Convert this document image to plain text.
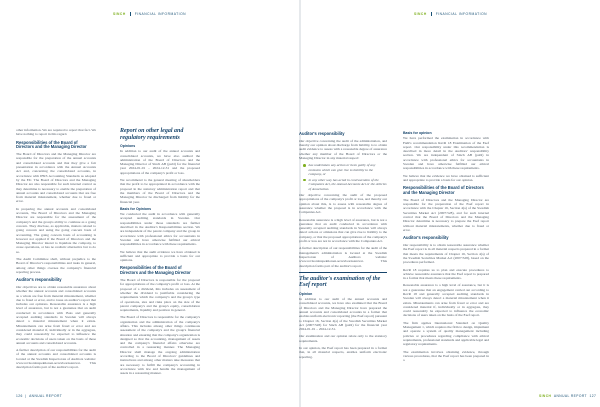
SINCH	FINANCIAL INFORMATION

other information. We are required to report that fact. We have nothing to report in this regard.

Responsibilities of the Board of Directors and the Managing Director

The Board of Directors and the Managing Director are responsible for the preparation of the annual accounts and consolidated accounts and that they give a fair presentation in accordance with the Annual Accounts Act and, concerning the consolidated accounts, in accordance with IFRS Accounting Standards as adopted by the EU. The Board of Directors and the Managing Director are also responsible for such internal control as they determine is necessary to enable the preparation of annual accounts and consolidated accounts that are free from material misstatement, whether due to fraud or error.

In preparing the annual accounts and consolidated accounts, The Board of Directors and the Managing Director are responsible for the assessment of the company's and the group's ability to continue as a going concern. They disclose, as applicable, matters related to going concern and using the going concern basis of accounting. The going concern basis of accounting is however not applied if the Board of Directors and the Managing Director intend to liquidate the company, to cease operations, or has no realistic alternative but to do so.

The Audit Committee shall, without prejudice to the Board of Director's responsibilities and tasks in general, among other things oversee the company's financial reporting process.

Auditor's responsibility

Our objectives are to obtain reasonable assurance about whether the annual accounts and consolidated accounts as a whole are free from material misstatement, whether due to fraud or error, and to issue an auditor's report that includes our opinions. Reasonable assurance is a high level of assurance, but is not a guarantee that an audit conducted in accordance with ISAs and generally accepted auditing standards in Sweden will always detect a material misstatement when it exists. Misstatements can arise from fraud or error and are considered material if, individually or in the aggregate, they could reasonably be expected to influence the economic decisions of users taken on the basis of these annual accounts and consolidated accounts.

A further description of our responsibilities for the audit of the annual accounts and consolidated accounts is located at the Swedish Inspectorate of Auditors website: www.revisorsinspektionen.se/revisornsansvar. This description forms part of the auditor's report.

Report on other legal and regulatory requirements
Opinions

In addition to our audit of the annual accounts and consolidated accounts, we have also audited the administration of the Board of Directors and the Managing Director of Sinch AB (publ) for the financial year 2024-01-01 – 2024-12-31 and the proposed appropriations of the company's profit or loss.

We recommend to the general meeting of shareholders that the profit to be appropriated in accordance with the proposal in the statutory administration report and that the members of the Board of Directors and the Managing Director be discharged from liability for the financial year.

Basis for Opinions

We conducted the audit in accordance with generally accepted auditing standards in Sweden. Our responsibilities under those standards are further described in the Auditor's Responsibilities section. We are independent of the parent company and the group in accordance with professional ethics for accountants in Sweden and have otherwise fulfilled our ethical responsibilities in accordance with these requirements.

We believe that the audit evidence we have obtained is sufficient and appropriate to provide a basis for our opinions.

Responsibilities of the Board of Directors and the Managing Director

The Board of Directors is responsible for the proposal for appropriations of the company's profit or loss. At the proposal of a dividend, this includes an assessment of whether the dividend is justifiable considering the requirements which the company's and the group's type of operations, size and risks place on the size of the parent company's and the group's equity, consolidation requirements, liquidity and position in general.

The Board of Directors is responsible for the company's organization and the administration of the company's affairs. This includes among other things continuous assessment of the company's and the group's financial situation and ensuring that the company's organization is designed so that the accounting, management of assets and the company's financial affairs otherwise are controlled in a reassuring manner. The Managing Director shall manage the ongoing administration according to the Board of Directors' guidelines and instructions and among other matters take measures that are necessary to fulfill the company's accounting in accordance with law and handle the management of assets in a reassuring manner.

126 | ANNUAL REPORT
SINCH	FINANCIAL INFORMATION
Auditor's responsibility

Our objective concerning the audit of the administration, and thereby our opinion about discharge from liability, is to obtain audit evidence to assess with a reasonable degree of assurance whether any member of the Board of Directors or the Managing Director in any material respect:

has undertaken any action or been guilty of any omission which can give rise to liability to the company, or
in any other way has acted in contravention of the Companies Act, the Annual Accounts Act or the Articles of Association.

Our objective concerning the audit of the proposed appropriations of the company's profit or loss, and thereby our opinion about this, is to assess with reasonable degree of assurance whether the proposal is in accordance with the Companies Act.

Reasonable assurance is a high level of assurance, but is not a guarantee that an audit conducted in accordance with generally accepted auditing standards in Sweden will always detect actions or omissions that can give rise to liability to the company, or that the proposed appropriations of the company's profit or loss are not in accordance with the Companies Act.

A further description of our responsibilities for the audit of the management's administration is located at the Swedish Inspectorate of Auditors website: www.revisorsinspektionen.se/revisornsansvar. This description forms part of the auditor's report.

The auditor's examination of the Esef report
Opinion

In addition to our audit of the annual accounts and consolidated accounts, we have also examined that the Board of Directors and the Managing Director have prepared the annual accounts and consolidated accounts in a format that enables uniform electronic reporting (the Esef report) pursuant to Chapter 16, Section 4(a) of the Swedish Securities Market Act (2007:528) for Sinch AB (publ) for the financial year 2024-01-01 – 2024-12-31.

Our examination and our opinion relate only to the statutory requirements.

In our opinion, the Esef report has been prepared in a format that, in all material respects, enables uniform electronic reporting.

Basis for opinion

We have performed the examination in accordance with FAR's recommendation RevR 18 Examination of the Esef report. Our responsibility under this recommendation is described in more detail in the Auditors' responsibility section. We are independent of Sinch AB (publ) in accordance with professional ethics for accountants in Sweden and have otherwise fulfilled our ethical responsibilities in accordance with these requirements.

We believe that the evidence we have obtained is sufficient and appropriate to provide a basis for our opinion.

Responsibilities of the Board of Directors and the Managing Director

The Board of Directors and the Managing Director are responsible for the preparation of the Esef report in accordance with the Chapter 16, Section 4(a) of the Swedish Securities Market Act (2007:528), and for such internal control that the Board of Directors and the Managing Director determine is necessary to prepare the Esef report without material misstatements, whether due to fraud or error.

Auditor's responsibility

Our responsibility is to obtain reasonable assurance whether the Esef report is in all material respects prepared in a format that meets the requirements of Chapter 16, Section 4(a) of the Swedish Securities Market Act (2007:528), based on the procedures performed.

RevR 18 requires us to plan and execute procedures to achieve reasonable assurance that the Esef report is prepared in a format that meets these requirements.

Reasonable assurance is a high level of assurance, but it is not a guarantee that an engagement carried out according to RevR 18 and generally accepted auditing standards in Sweden will always detect a material misstatement when it exists. Misstatements can arise from fraud or error and are considered material if, individually or in aggregate, they could reasonably be expected to influence the economic decisions of users taken on the basis of the Esef report.

The firm applies International Standard on Quality Management 1, which requires the firm to design, implement and operate a system of quality management including policies or procedures regarding compliance with ethical requirements, professional standards and applicable legal and regulatory requirements.

The examination involves obtaining evidence, through various procedures, that the Esef report has been prepared in a

SINCH ANNUAL REPORT 127
